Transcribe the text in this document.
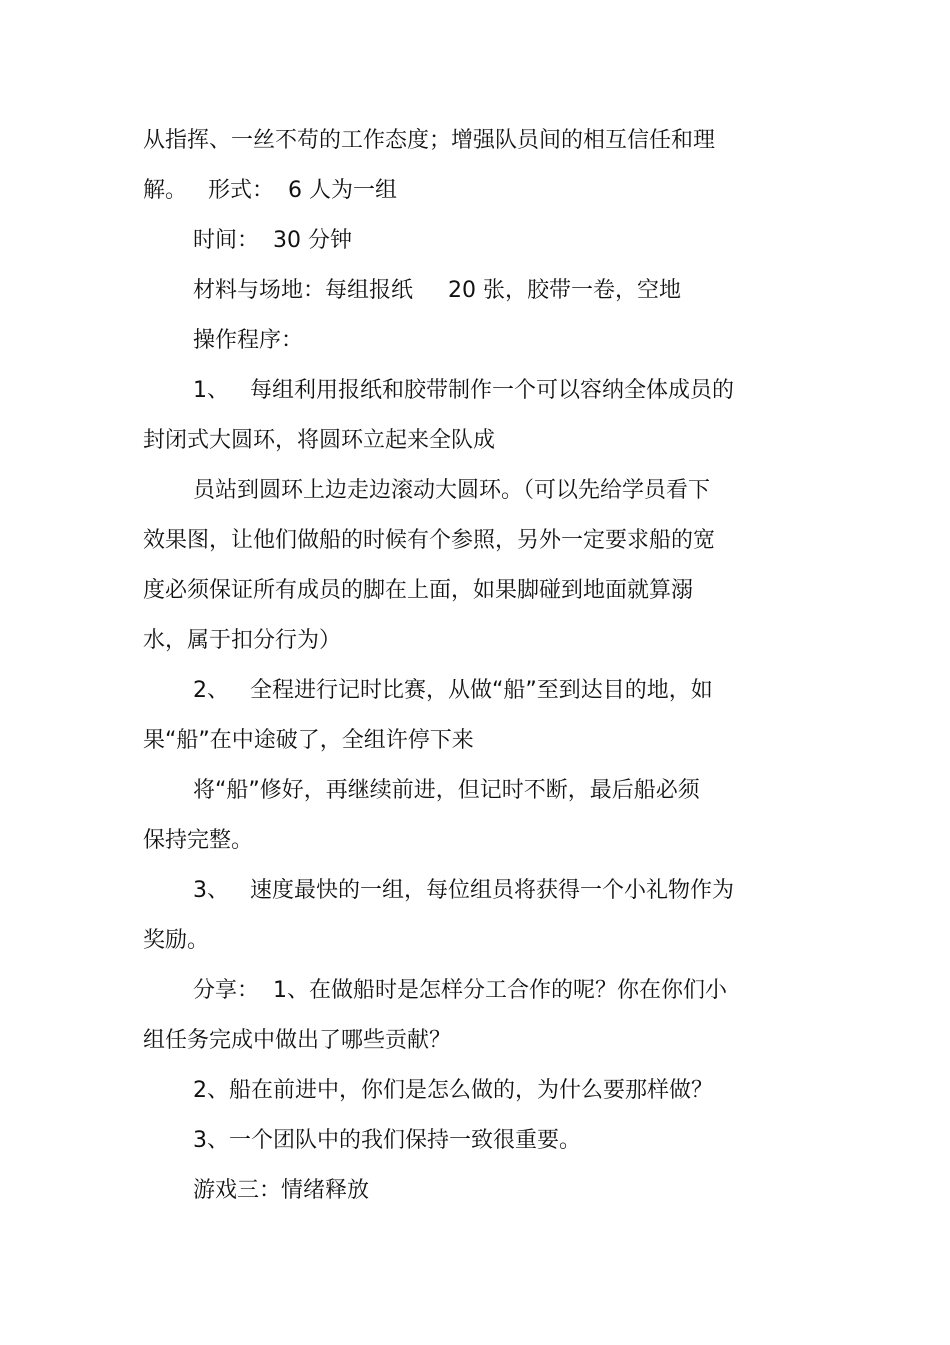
从指挥、一丝不苟的工作态度；增强队员间的相互信任和理
解。   形式：  6 人为一组
时间：  30 分钟
材料与场地：每组报纸     20 张，胶带一卷，空地
操作程序：
1、   每组利用报纸和胶带制作一个可以容纳全体成员的
封闭式大圆环，将圆环立起来全队成
员站到圆环上边走边滚动大圆环。（可以先给学员看下
效果图，让他们做船的时候有个参照，另外一定要求船的宽
度必须保证所有成员的脚在上面，如果脚碰到地面就算溺
水，属于扣分行为）
2、   全程进行记时比赛，从做“船”至到达目的地，如
果“船”在中途破了，全组许停下来
将“船”修好，再继续前进，但记时不断，最后船必须
保持完整。
3、   速度最快的一组，每位组员将获得一个小礼物作为
奖励。
分享：  1、在做船时是怎样分工合作的呢？你在你们小
组任务完成中做出了哪些贡献？
2、船在前进中，你们是怎么做的，为什么要那样做？
3、一个团队中的我们保持一致很重要。
游戏三：情绪释放
